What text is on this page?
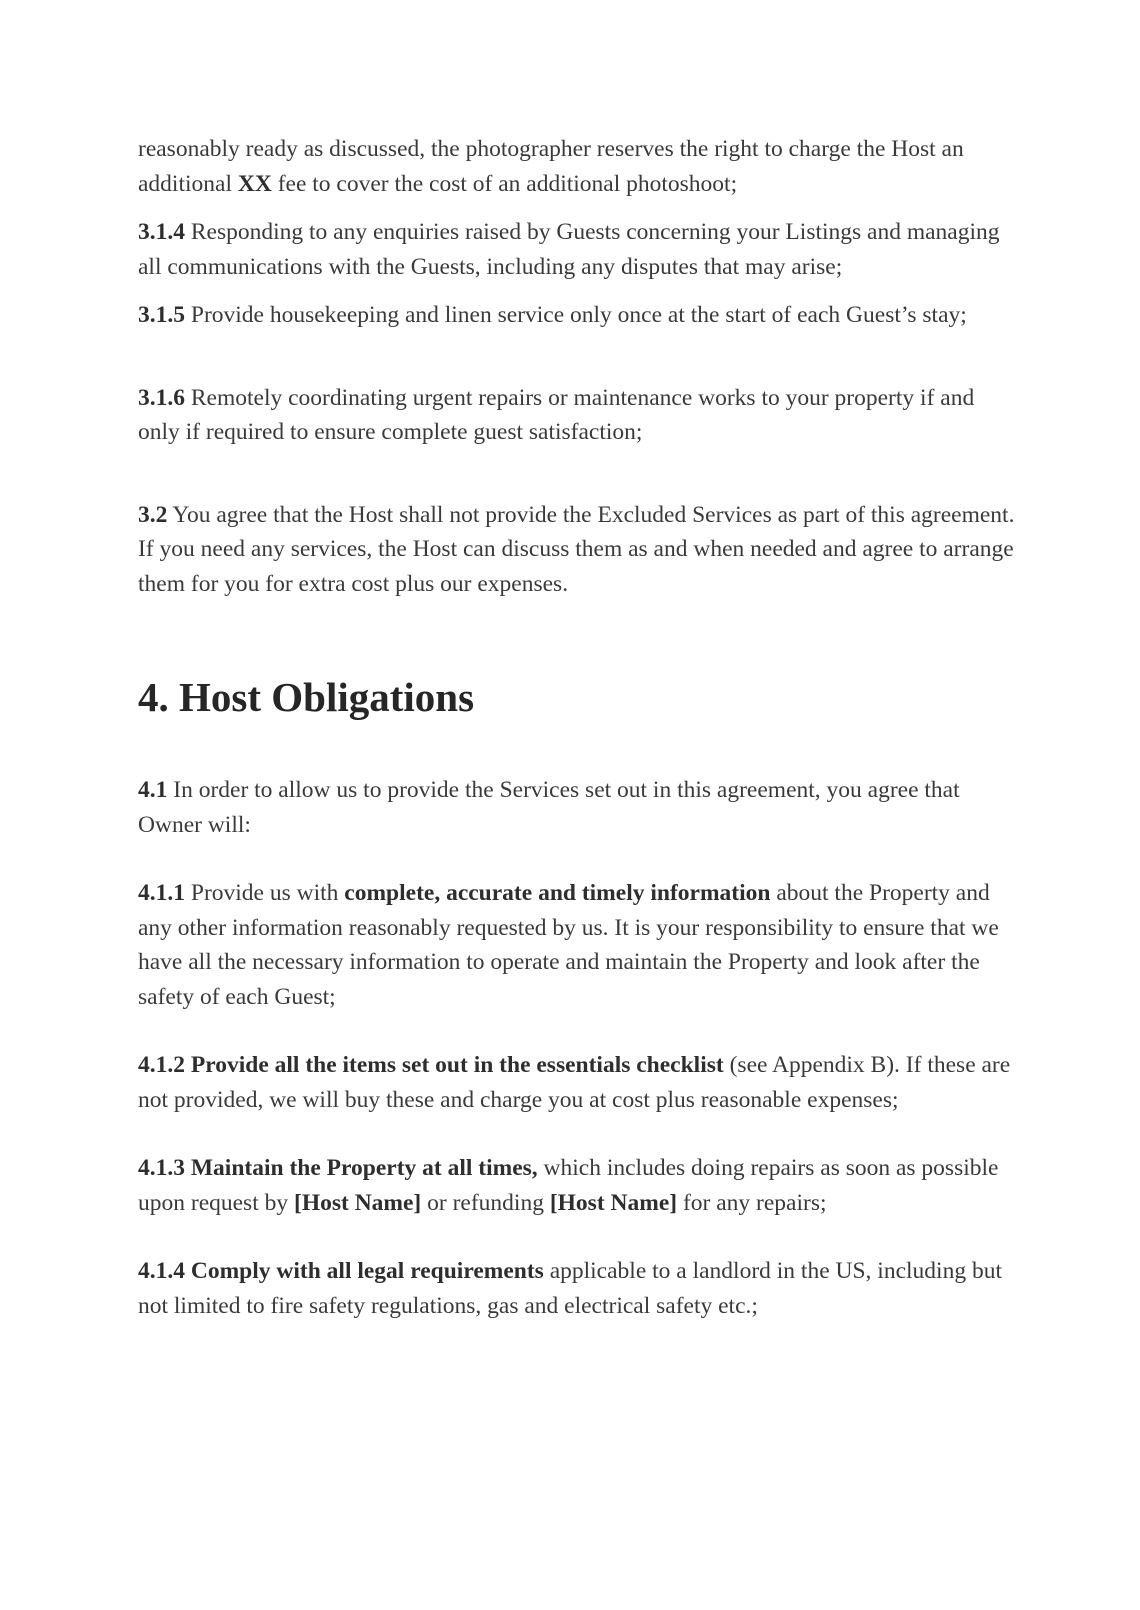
reasonably ready as discussed, the photographer reserves the right to charge the Host an additional XX fee to cover the cost of an additional photoshoot;

3.1.4 Responding to any enquiries raised by Guests concerning your Listings and managing all communications with the Guests, including any disputes that may arise;

3.1.5 Provide housekeeping and linen service only once at the start of each Guest’s stay;

3.1.6 Remotely coordinating urgent repairs or maintenance works to your property if and only if required to ensure complete guest satisfaction;

3.2 You agree that the Host shall not provide the Excluded Services as part of this agreement. If you need any services, the Host can discuss them as and when needed and agree to arrange them for you for extra cost plus our expenses.

4. Host Obligations

4.1 In order to allow us to provide the Services set out in this agreement, you agree that Owner will:

4.1.1 Provide us with complete, accurate and timely information about the Property and any other information reasonably requested by us. It is your responsibility to ensure that we have all the necessary information to operate and maintain the Property and look after the safety of each Guest;

4.1.2 Provide all the items set out in the essentials checklist (see Appendix B). If these are not provided, we will buy these and charge you at cost plus reasonable expenses;

4.1.3 Maintain the Property at all times, which includes doing repairs as soon as possible upon request by [Host Name] or refunding [Host Name] for any repairs;

4.1.4 Comply with all legal requirements applicable to a landlord in the US, including but not limited to fire safety regulations, gas and electrical safety etc.;
